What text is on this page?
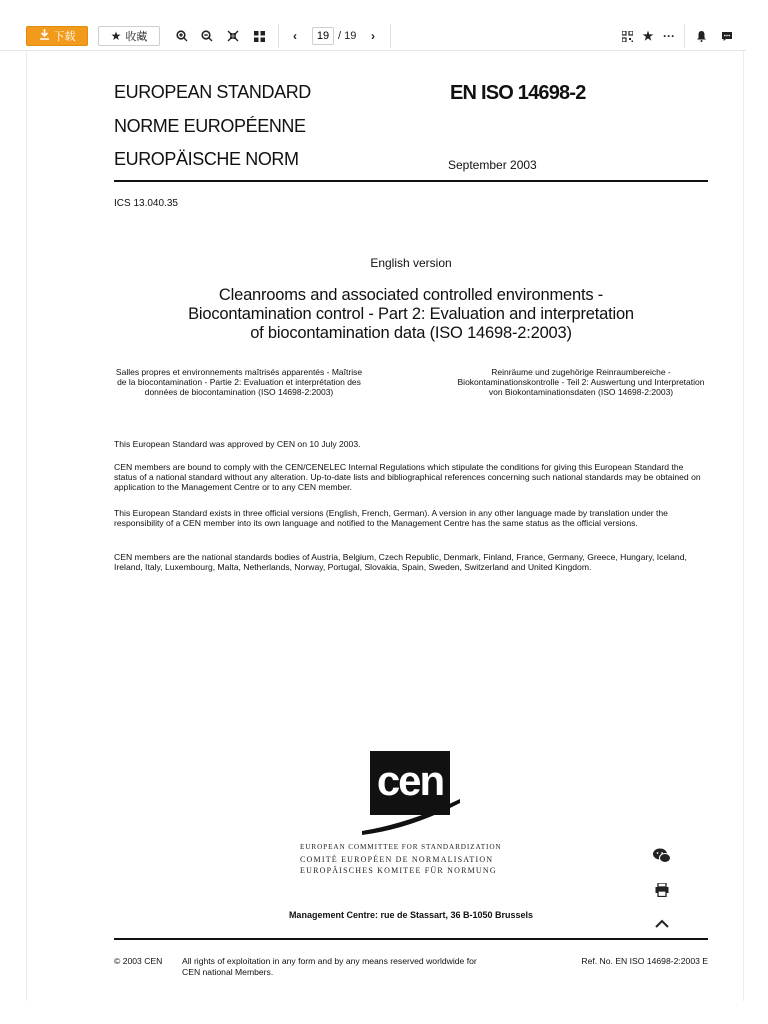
下载	★ 收藏	‹
19	/ 19	›	★ ···
EUROPEAN STANDARD
NORME EUROPÉENNE
EUROPÄISCHE NORM
EN ISO 14698-2
September 2003
ICS 13.040.35
English version
Cleanrooms and associated controlled environments -
Biocontamination control - Part 2: Evaluation and interpretation
of biocontamination data (ISO 14698-2:2003)
Salles propres et environnements maîtrisés apparentés - Maîtrise de la biocontamination - Partie 2: Evaluation et interprétation des données de biocontamination (ISO 14698-2:2003)
Reinräume und zugehörige Reinraumbereiche - Biokontaminationskontrolle - Teil 2: Auswertung und Interpretation von Biokontaminationsdaten (ISO 14698-2:2003)
This European Standard was approved by CEN on 10 July 2003.
CEN members are bound to comply with the CEN/CENELEC Internal Regulations which stipulate the conditions for giving this European Standard the status of a national standard without any alteration. Up-to-date lists and bibliographical references concerning such national standards may be obtained on application to the Management Centre or to any CEN member.
This European Standard exists in three official versions (English, French, German). A version in any other language made by translation under the responsibility of a CEN member into its own language and notified to the Management Centre has the same status as the official versions.
CEN members are the national standards bodies of Austria, Belgium, Czech Republic, Denmark, Finland, France, Germany, Greece, Hungary, Iceland, Ireland, Italy, Luxembourg, Malta, Netherlands, Norway, Portugal, Slovakia, Spain, Sweden, Switzerland and United Kingdom.
cen
EUROPEAN COMMITTEE FOR STANDARDIZATION
COMITÉ EUROPÉEN DE NORMALISATION
EUROPÄISCHES KOMITEE FÜR NORMUNG
Management Centre: rue de Stassart, 36 B-1050 Brussels
© 2003 CEN All rights of exploitation in any form and by any means reserved worldwide for CEN national Members.
Ref. No. EN ISO 14698-2:2003 E
